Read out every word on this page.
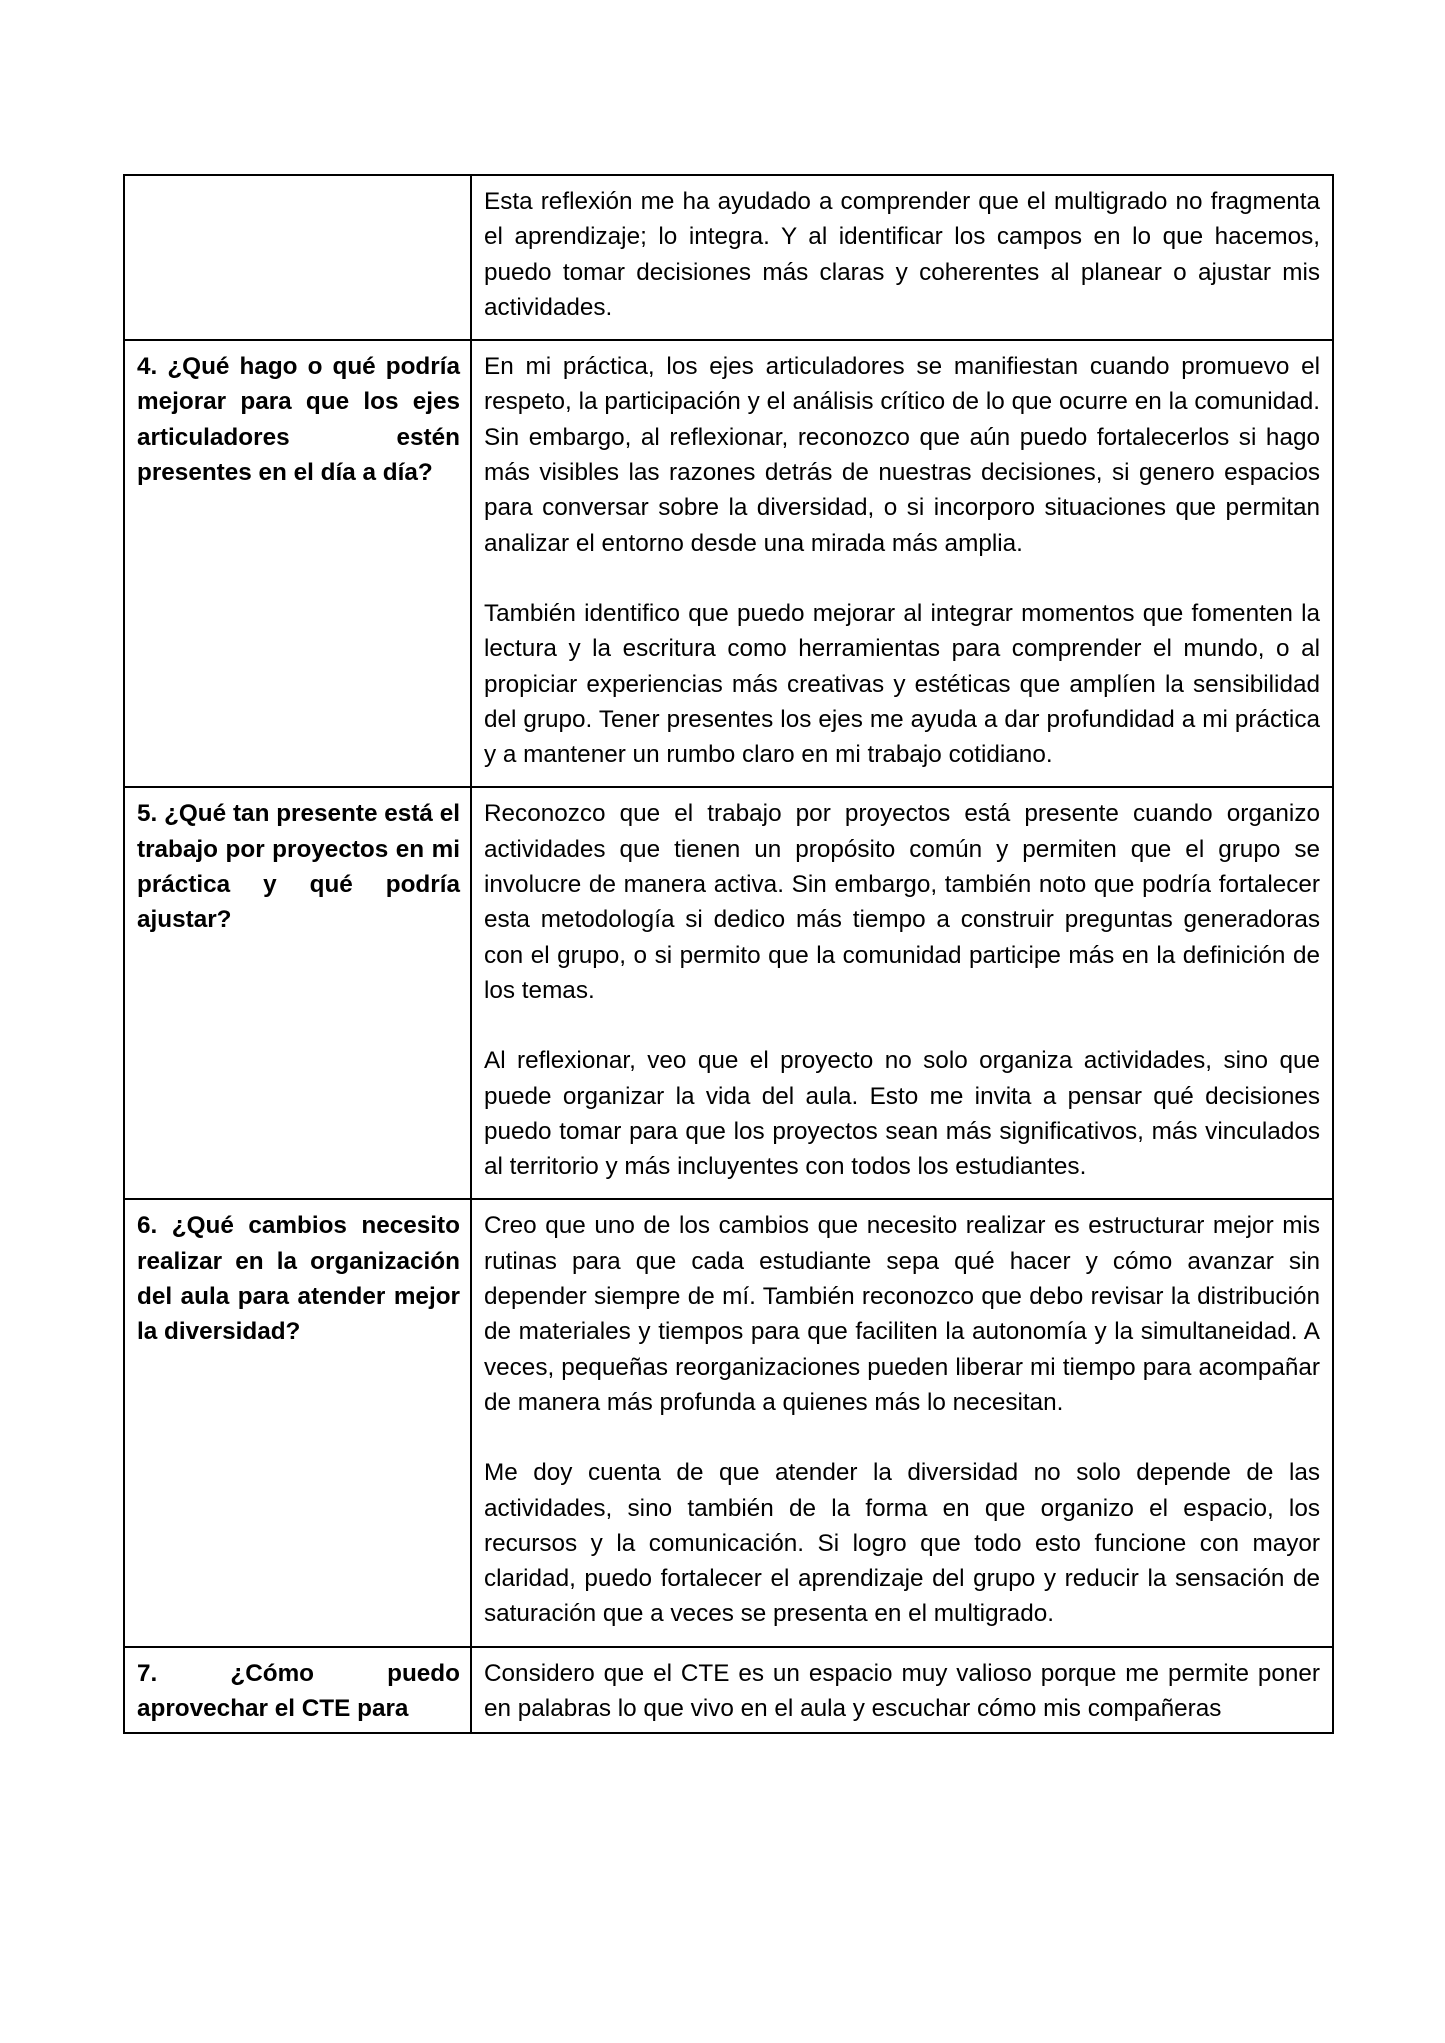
	Esta reflexión me ha ayudado a comprender que el multigrado no fragmenta el aprendizaje; lo integra. Y al identificar los campos en lo que hacemos, puedo tomar decisiones más claras y coherentes al planear o ajustar mis actividades.

4. ¿Qué hago o qué podría mejorar para que los ejes articuladores estén presentes en el día a día?	En mi práctica, los ejes articuladores se manifiestan cuando promuevo el respeto, la participación y el análisis crítico de lo que ocurre en la comunidad. Sin embargo, al reflexionar, reconozco que aún puedo fortalecerlos si hago más visibles las razones detrás de nuestras decisiones, si genero espacios para conversar sobre la diversidad, o si incorporo situaciones que permitan analizar el entorno desde una mirada más amplia.

También identifico que puedo mejorar al integrar momentos que fomenten la lectura y la escritura como herramientas para comprender el mundo, o al propiciar experiencias más creativas y estéticas que amplíen la sensibilidad del grupo. Tener presentes los ejes me ayuda a dar profundidad a mi práctica y a mantener un rumbo claro en mi trabajo cotidiano.

5. ¿Qué tan presente está el trabajo por proyectos en mi práctica y qué podría ajustar?	Reconozco que el trabajo por proyectos está presente cuando organizo actividades que tienen un propósito común y permiten que el grupo se involucre de manera activa. Sin embargo, también noto que podría fortalecer esta metodología si dedico más tiempo a construir preguntas generadoras con el grupo, o si permito que la comunidad participe más en la definición de los temas.

Al reflexionar, veo que el proyecto no solo organiza actividades, sino que puede organizar la vida del aula. Esto me invita a pensar qué decisiones puedo tomar para que los proyectos sean más significativos, más vinculados al territorio y más incluyentes con todos los estudiantes.

6. ¿Qué cambios necesito realizar en la organización del aula para atender mejor la diversidad?	Creo que uno de los cambios que necesito realizar es estructurar mejor mis rutinas para que cada estudiante sepa qué hacer y cómo avanzar sin depender siempre de mí. También reconozco que debo revisar la distribución de materiales y tiempos para que faciliten la autonomía y la simultaneidad. A veces, pequeñas reorganizaciones pueden liberar mi tiempo para acompañar de manera más profunda a quienes más lo necesitan.

Me doy cuenta de que atender la diversidad no solo depende de las actividades, sino también de la forma en que organizo el espacio, los recursos y la comunicación. Si logro que todo esto funcione con mayor claridad, puedo fortalecer el aprendizaje del grupo y reducir la sensación de saturación que a veces se presenta en el multigrado.

7. ¿Cómo puedo aprovechar el CTE para	Considero que el CTE es un espacio muy valioso porque me permite poner en palabras lo que vivo en el aula y escuchar cómo mis compañeras
